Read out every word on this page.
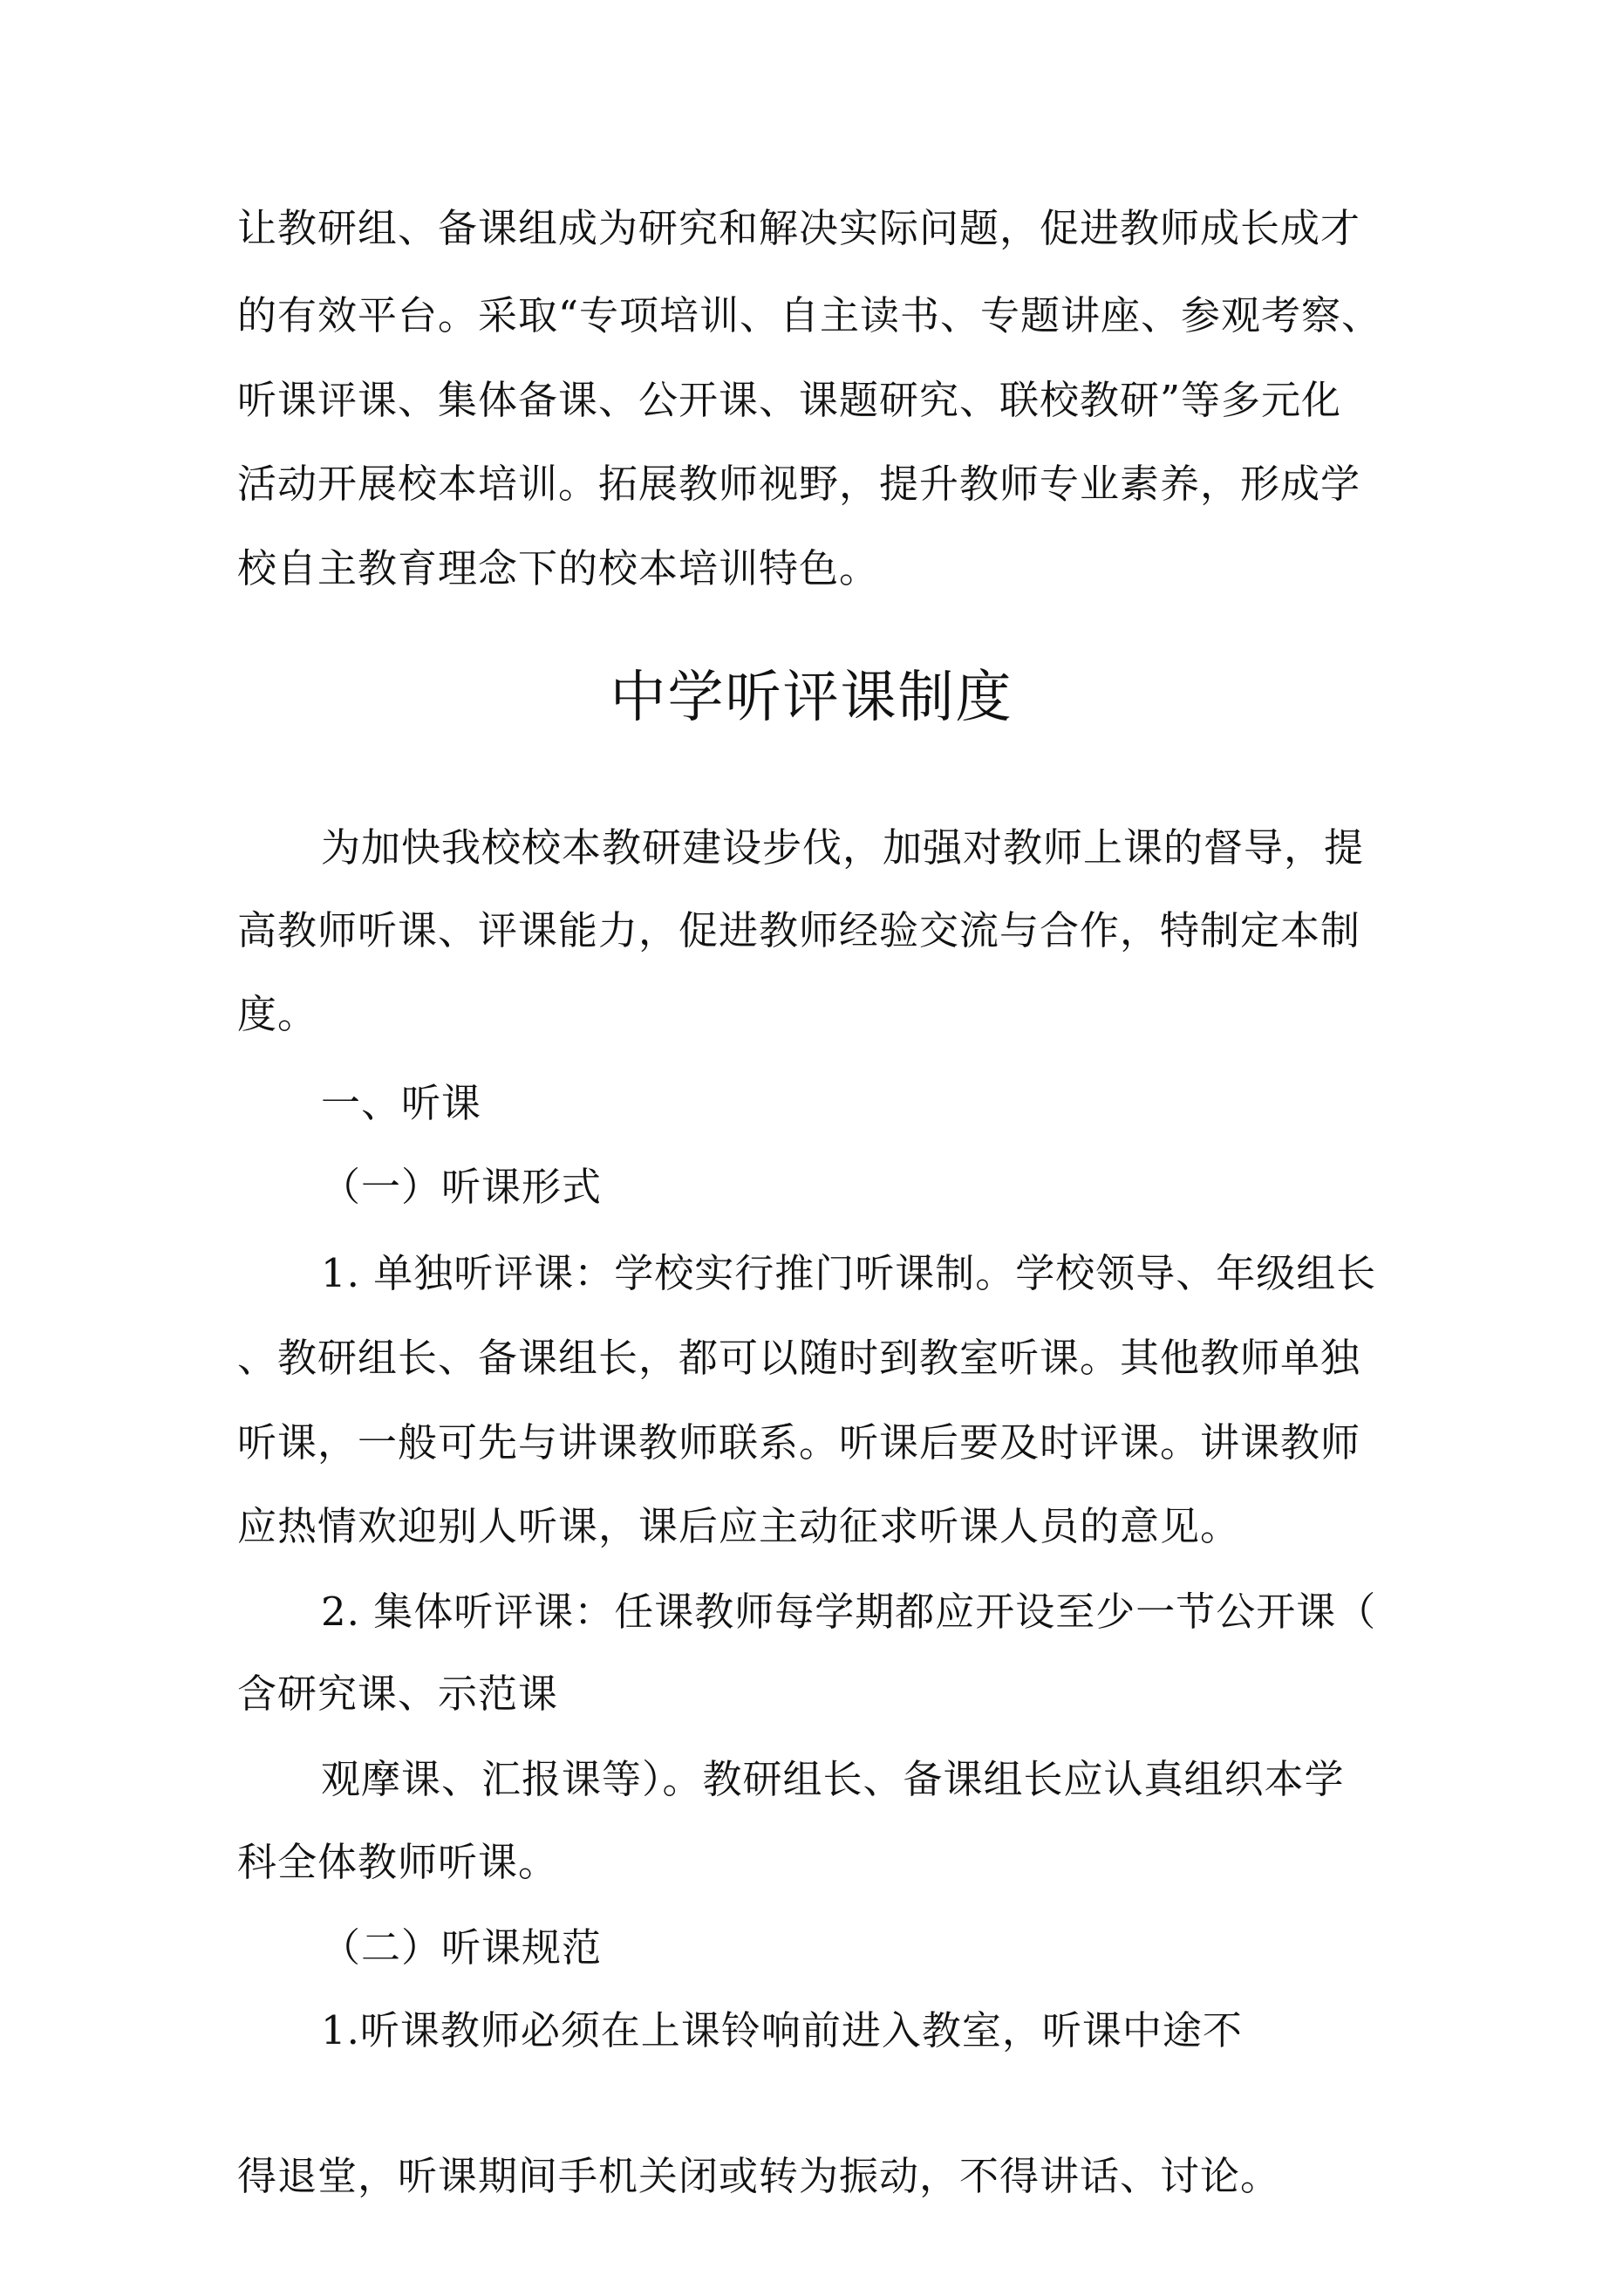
让教研组、备课组成为研究和解决实际问题，促进教师成长成才
的有效平台。采取“专项培训、自主读书、专题讲座、参观考察、
听课评课、集体备课、公开课、课题研究、联校教研”等多元化
活动开展校本培训。拓展教师视野，提升教师专业素养，形成学
校自主教育理念下的校本培训特色。
中学听评课制度
为加快我校校本教研建设步伐，加强对教师上课的督导，提
高教师听课、评课能力，促进教师经验交流与合作，特制定本制
度。
一、听课
（一）听课形式
1. 单独听评课：学校实行推门听课制。学校领导、年级组长
、教研组长、备课组长，都可以随时到教室听课。其他教师单独
听课，一般可先与讲课教师联系。听课后要及时评课。讲课教师
应热情欢迎别人听课，课后应主动征求听课人员的意见。
2. 集体听评课：任课教师每学期都应开设至少一节公开课（
含研究课、示范课
观摩课、汇报课等）。教研组长、备课组长应认真组织本学
科全体教师听课。
（二）听课规范
1.听课教师必须在上课铃响前进入教室，听课中途不
得退堂，听课期间手机关闭或转为振动，不得讲话、讨论。
